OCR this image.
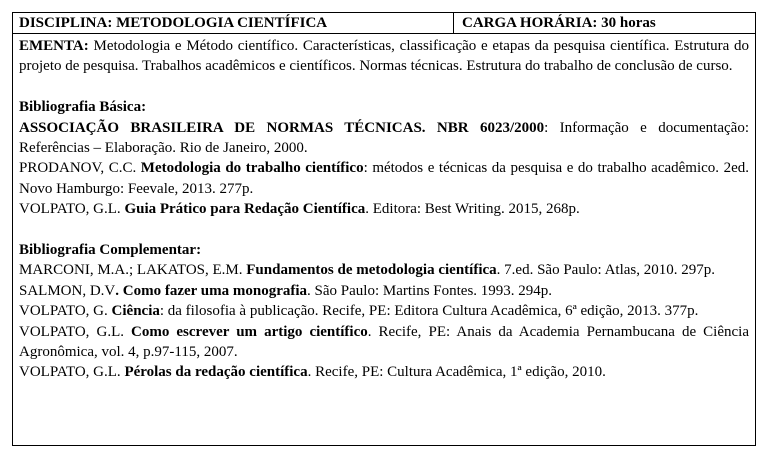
DISCIPLINA: METODOLOGIA CIENTÍFICA	CARGA HORÁRIA: 30 horas

EMENTA: Metodologia e Método científico. Características, classificação e etapas da pesquisa científica. Estrutura do projeto de pesquisa. Trabalhos acadêmicos e científicos. Normas técnicas. Estrutura do trabalho de conclusão de curso.

Bibliografia Básica:

ASSOCIAÇÃO BRASILEIRA DE NORMAS TÉCNICAS. NBR 6023/2000: Informação e documentação: Referências – Elaboração. Rio de Janeiro, 2000.

PRODANOV, C.C. Metodologia do trabalho científico: métodos e técnicas da pesquisa e do trabalho acadêmico. 2ed. Novo Hamburgo: Feevale, 2013. 277p.

VOLPATO, G.L. Guia Prático para Redação Científica. Editora: Best Writing. 2015, 268p.

Bibliografia Complementar:

MARCONI, M.A.; LAKATOS, E.M. Fundamentos de metodologia científica. 7.ed. São Paulo: Atlas, 2010. 297p.

SALMON, D.V. Como fazer uma monografia. São Paulo: Martins Fontes. 1993. 294p.

VOLPATO, G. Ciência: da filosofia à publicação. Recife, PE: Editora Cultura Acadêmica, 6ª edição, 2013. 377p.

VOLPATO, G.L. Como escrever um artigo científico. Recife, PE: Anais da Academia Pernambucana de Ciência Agronômica, vol. 4, p.97-115, 2007.

VOLPATO, G.L. Pérolas da redação científica. Recife, PE: Cultura Acadêmica, 1ª edição, 2010.
